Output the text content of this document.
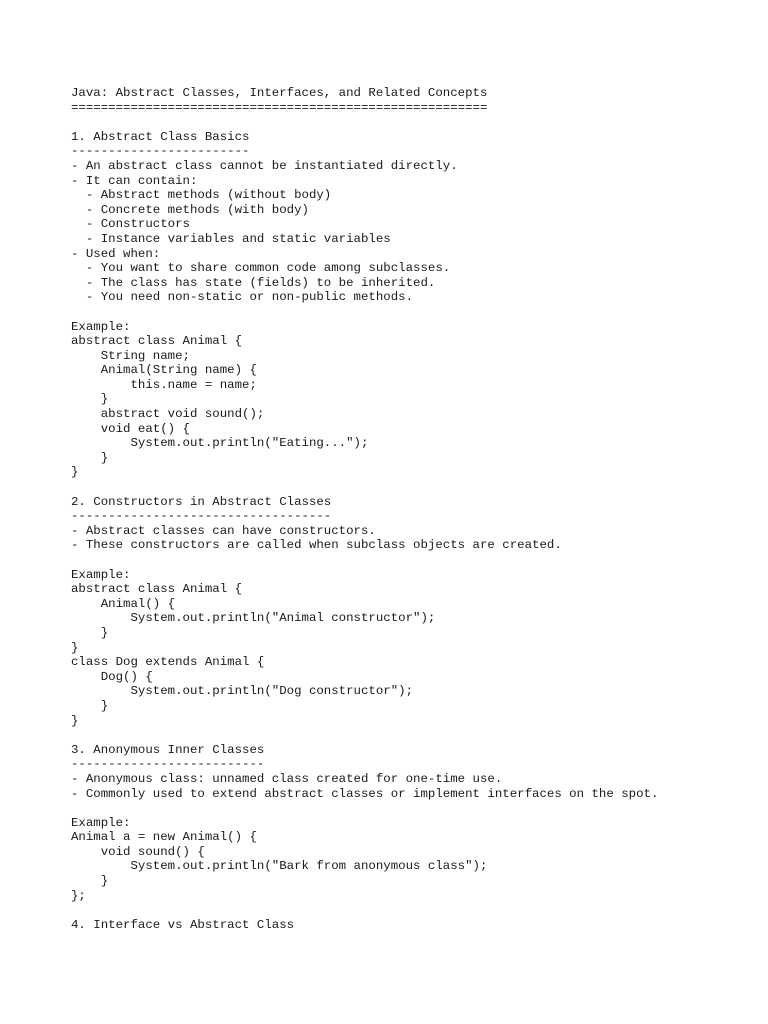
Java: Abstract Classes, Interfaces, and Related Concepts
========================================================
1. Abstract Class Basics
------------------------
- An abstract class cannot be instantiated directly.
- It can contain:
- Abstract methods (without body)
- Concrete methods (with body)
- Constructors
- Instance variables and static variables
- Used when:
- You want to share common code among subclasses.
- The class has state (fields) to be inherited.
- You need non-static or non-public methods.
Example:
abstract class Animal {
String name;
Animal(String name) {
this.name = name;
}
abstract void sound();
void eat() {
System.out.println("Eating...");
}
}
2. Constructors in Abstract Classes
-----------------------------------
- Abstract classes can have constructors.
- These constructors are called when subclass objects are created.
Example:
abstract class Animal {
Animal() {
System.out.println("Animal constructor");
}
}
class Dog extends Animal {
Dog() {
System.out.println("Dog constructor");
}
}
3. Anonymous Inner Classes
--------------------------
- Anonymous class: unnamed class created for one-time use.
- Commonly used to extend abstract classes or implement interfaces on the spot.
Example:
Animal a = new Animal() {
void sound() {
System.out.println("Bark from anonymous class");
}
};
4. Interface vs Abstract Class
